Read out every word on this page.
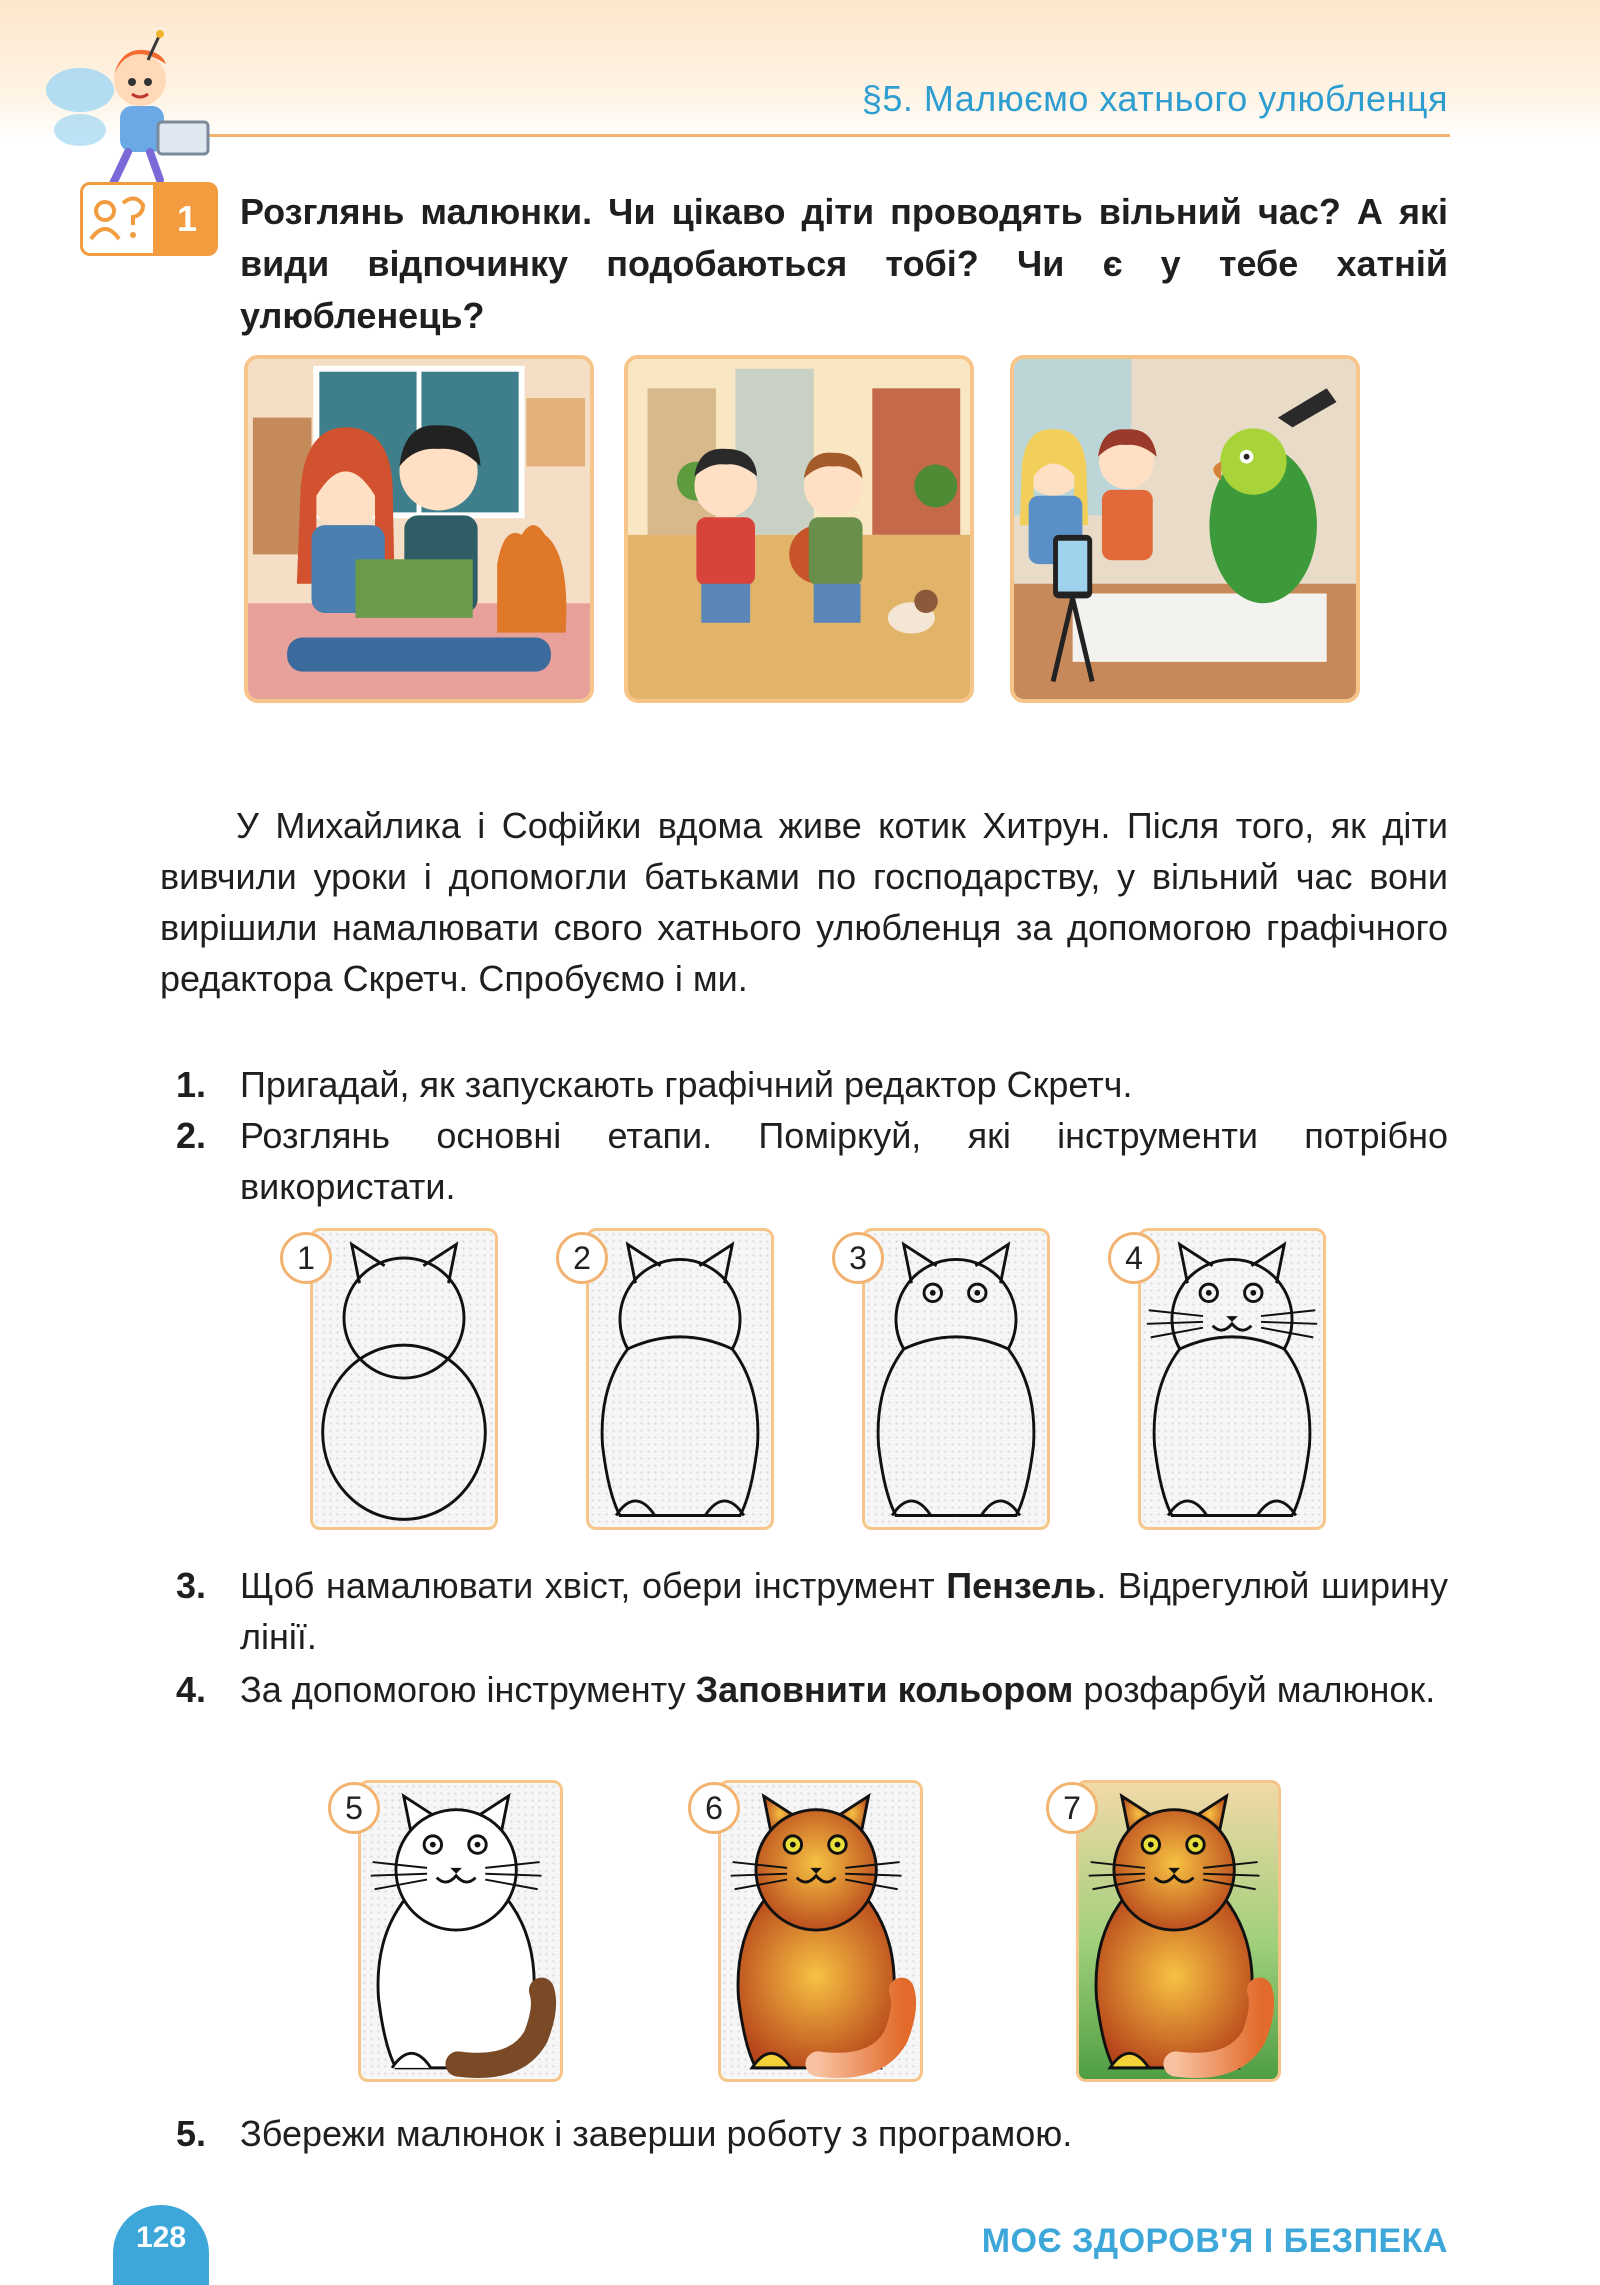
§5. Малюємо хатнього улюбленця
1	Розглянь малюнки. Чи цікаво діти проводять вільний час? А які види відпочинку подобаються тобі? Чи є у тебе хатній улюбленець?
У Михайлика і Софійки вдома живе котик Хитрун. Після того, як діти вивчили уроки і допомогли батьками по господарству, у вільний час вони вирішили намалювати свого хатнього улюбленця за допомогою графічного редактора Скретч. Спробуємо і ми.
1. Пригадай, як запускають графічний редактор Скретч.
2. Розглянь основні етапи. Поміркуй, які інструменти потрібно використати.
1	2	3	4
3. Щоб намалювати хвіст, обери інструмент Пензель. Відрегулюй ширину лінії.
4. За допомогою інструменту Заповнити кольором розфарбуй малюнок.
5	6	7
5. Збережи малюнок і заверши роботу з програмою.
128	МОЄ ЗДОРОВ'Я І БЕЗПЕКА
